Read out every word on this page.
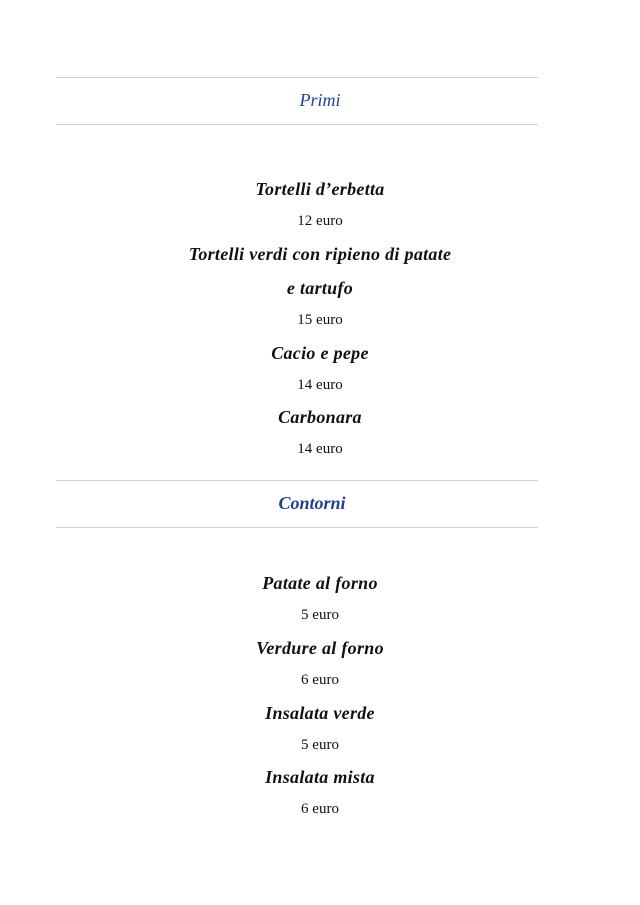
Primi
Tortelli d’erbetta
12 euro
Tortelli verdi con ripieno di patate
e tartufo
15 euro
Cacio e pepe
14 euro
Carbonara
14 euro
Contorni
Patate al forno
5 euro
Verdure al forno
6 euro
Insalata verde
5 euro
Insalata mista
6 euro
